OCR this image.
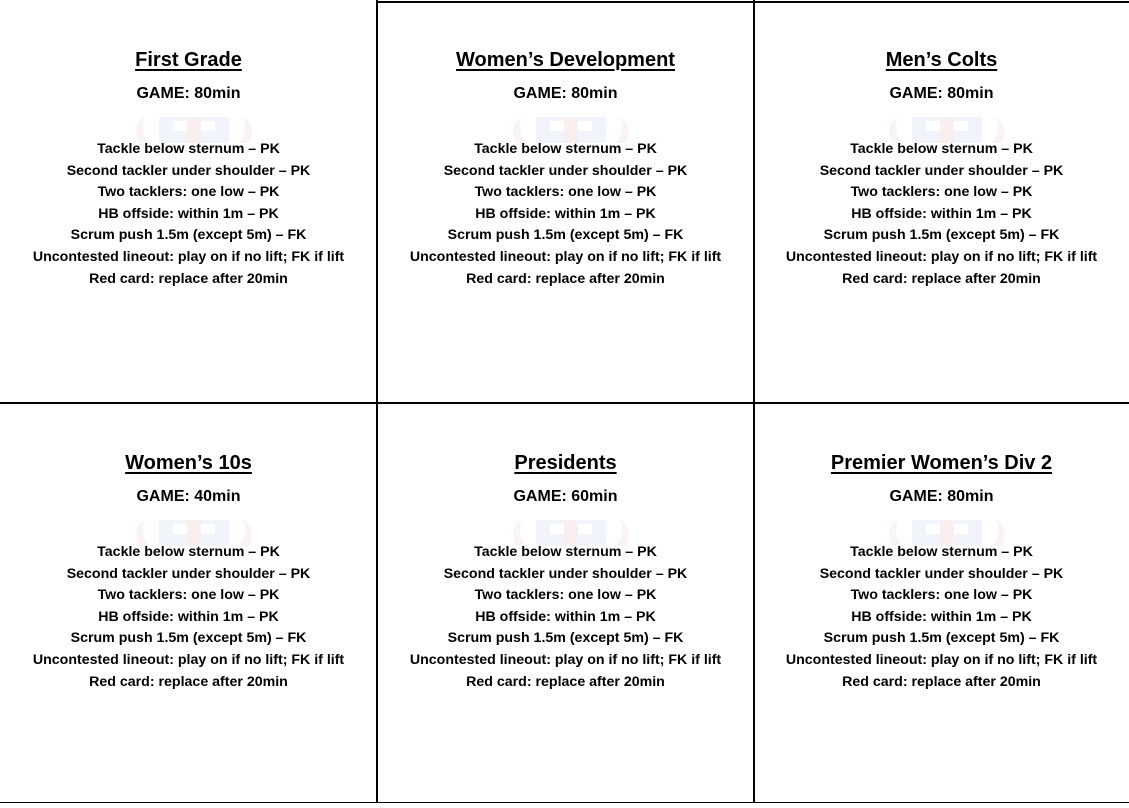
First Grade
GAME: 80min
Tackle below sternum – PK
Second tackler under shoulder – PK
Two tacklers: one low – PK
HB offside: within 1m – PK
Scrum push 1.5m (except 5m) – FK
Uncontested lineout: play on if no lift; FK if lift
Red card: replace after 20min
Women’s Development
GAME: 80min
Tackle below sternum – PK
Second tackler under shoulder – PK
Two tacklers: one low – PK
HB offside: within 1m – PK
Scrum push 1.5m (except 5m) – FK
Uncontested lineout: play on if no lift; FK if lift
Red card: replace after 20min
Men’s Colts
GAME: 80min
Tackle below sternum – PK
Second tackler under shoulder – PK
Two tacklers: one low – PK
HB offside: within 1m – PK
Scrum push 1.5m (except 5m) – FK
Uncontested lineout: play on if no lift; FK if lift
Red card: replace after 20min
Women’s 10s
GAME: 40min
Tackle below sternum – PK
Second tackler under shoulder – PK
Two tacklers: one low – PK
HB offside: within 1m – PK
Scrum push 1.5m (except 5m) – FK
Uncontested lineout: play on if no lift; FK if lift
Red card: replace after 20min
Presidents
GAME: 60min
Tackle below sternum – PK
Second tackler under shoulder – PK
Two tacklers: one low – PK
HB offside: within 1m – PK
Scrum push 1.5m (except 5m) – FK
Uncontested lineout: play on if no lift; FK if lift
Red card: replace after 20min
Premier Women’s Div 2
GAME: 80min
Tackle below sternum – PK
Second tackler under shoulder – PK
Two tacklers: one low – PK
HB offside: within 1m – PK
Scrum push 1.5m (except 5m) – FK
Uncontested lineout: play on if no lift; FK if lift
Red card: replace after 20min
